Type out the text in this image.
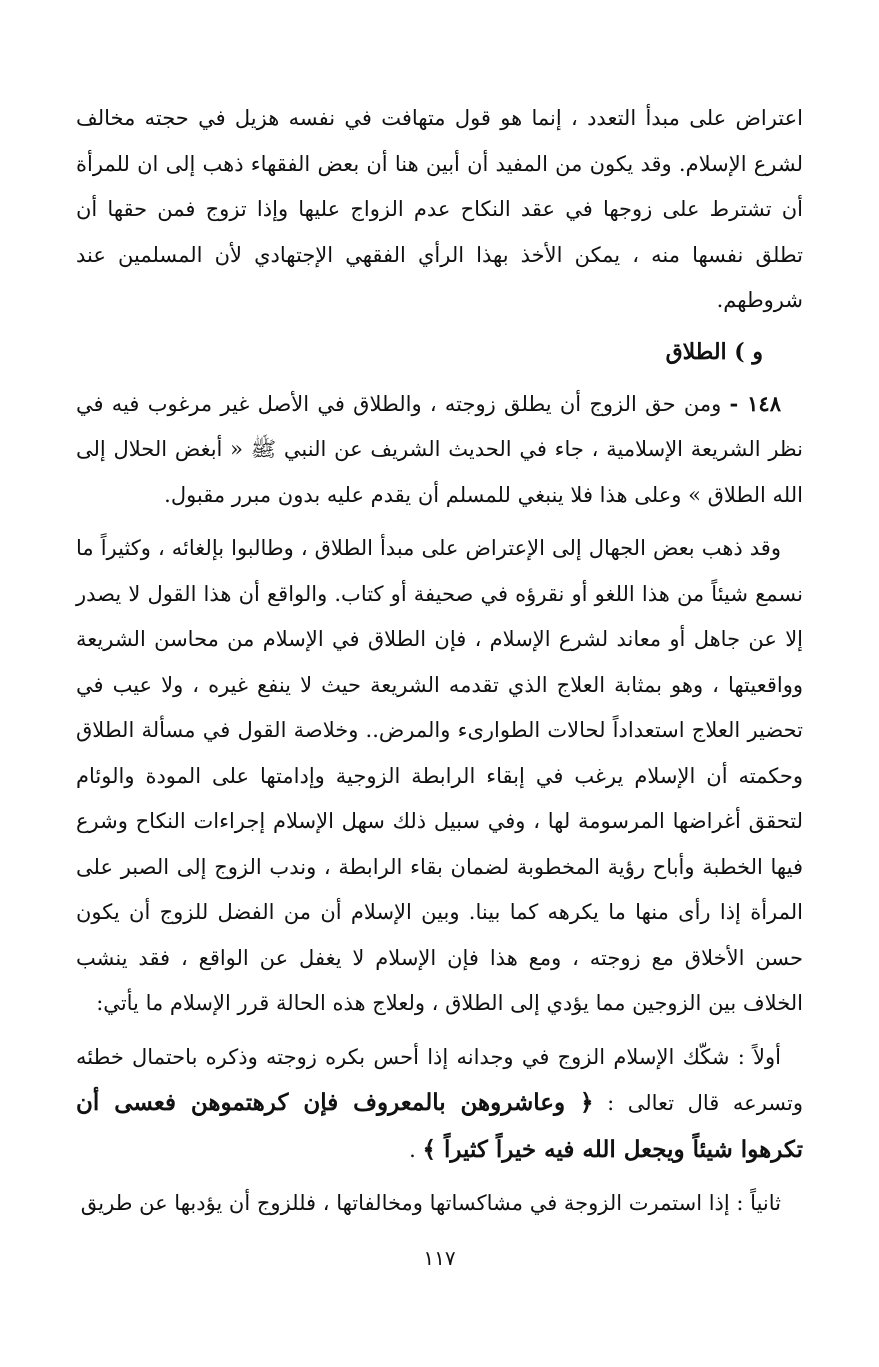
اعتراض على مبدأ التعدد ، إنما هو قول متهافت في نفسه هزيل في حجته مخالف لشرع الإسلام. وقد يكون من المفيد أن أبين هنا أن بعض الفقهاء ذهب إلى ان للمرأة أن تشترط على زوجها في عقد النكاح عدم الزواج عليها وإذا تزوج فمن حقها أن تطلق نفسها منه ، يمكن الأخذ بهذا الرأي الفقهي الإجتهادي لأن المسلمين عند شروطهم.

و ) الطلاق

١٤٨ - ومن حق الزوج أن يطلق زوجته ، والطلاق في الأصل غير مرغوب فيه في نظر الشريعة الإسلامية ، جاء في الحديث الشريف عن النبي ﷺ « أبغض الحلال إلى الله الطلاق » وعلى هذا فلا ينبغي للمسلم أن يقدم عليه بدون مبرر مقبول.

وقد ذهب بعض الجهال إلى الإعتراض على مبدأ الطلاق ، وطالبوا بإلغائه ، وكثيراً ما نسمع شيئاً من هذا اللغو أو نقرؤه في صحيفة أو كتاب. والواقع أن هذا القول لا يصدر إلا عن جاهل أو معاند لشرع الإسلام ، فإن الطلاق في الإسلام من محاسن الشريعة وواقعيتها ، وهو بمثابة العلاج الذي تقدمه الشريعة حيث لا ينفع غيره ، ولا عيب في تحضير العلاج استعداداً لحالات الطوارىء والمرض.. وخلاصة القول في مسألة الطلاق وحكمته أن الإسلام يرغب في إبقاء الرابطة الزوجية وإدامتها على المودة والوئام لتحقق أغراضها المرسومة لها ، وفي سبيل ذلك سهل الإسلام إجراءات النكاح وشرع فيها الخطبة وأباح رؤية المخطوبة لضمان بقاء الرابطة ، وندب الزوج إلى الصبر على المرأة إذا رأى منها ما يكرهه كما بينا. وبين الإسلام أن من الفضل للزوج أن يكون حسن الأخلاق مع زوجته ، ومع هذا فإن الإسلام لا يغفل عن الواقع ، فقد ينشب الخلاف بين الزوجين مما يؤدي إلى الطلاق ، ولعلاج هذه الحالة قرر الإسلام ما يأتي:

أولاً : شكّك الإسلام الزوج في وجدانه إذا أحس بكره زوجته وذكره باحتمال خطئه وتسرعه قال تعالى : ﴿ وعاشروهن بالمعروف فإن كرهتموهن فعسى أن تكرهوا شيئاً ويجعل الله فيه خيراً كثيراً ﴾ .

ثانياً : إذا استمرت الزوجة في مشاكساتها ومخالفاتها ، فللزوج أن يؤدبها عن طريق

١١٧
